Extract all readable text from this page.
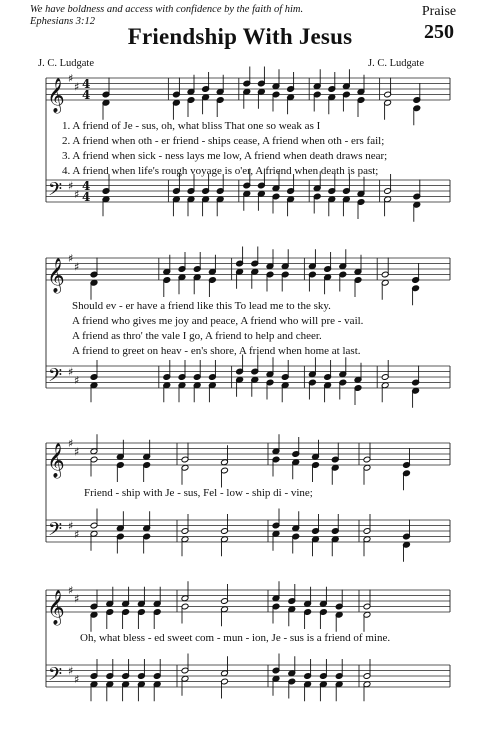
We have boldness and access with confidence by the faith of him.
Ephesians 3:12
Praise
250
Friendship With Jesus
J. C. Ludgate	J. C. Ludgate
𝄞
𝄢
♯
♯
♯
♯
4
4
4
4
𝄞
𝄢
♯
♯
♯
♯
𝄞
𝄢
♯
♯
♯
♯
𝄞
𝄢
♯
♯
♯
♯
1. A friend of Je - sus, oh, what bliss That one so weak as I
2. A friend when oth - er friend - ships cease, A friend when oth - ers fail;
3. A friend when sick - ness lays me low, A friend when death draws near;
4. A friend when life's rough voyage is o'er, A friend when death is past;
Should ev - er have a friend like this To lead me to the sky.
A friend who gives me joy and peace, A friend who will pre - vail.
A friend as thro' the vale I go, A friend to help and cheer.
A friend to greet on heav - en's shore, A friend when home at last.
Friend - ship with Je - sus, Fel - low - ship di - vine;
Oh, what bless - ed sweet com - mun - ion, Je - sus is a friend of mine.
